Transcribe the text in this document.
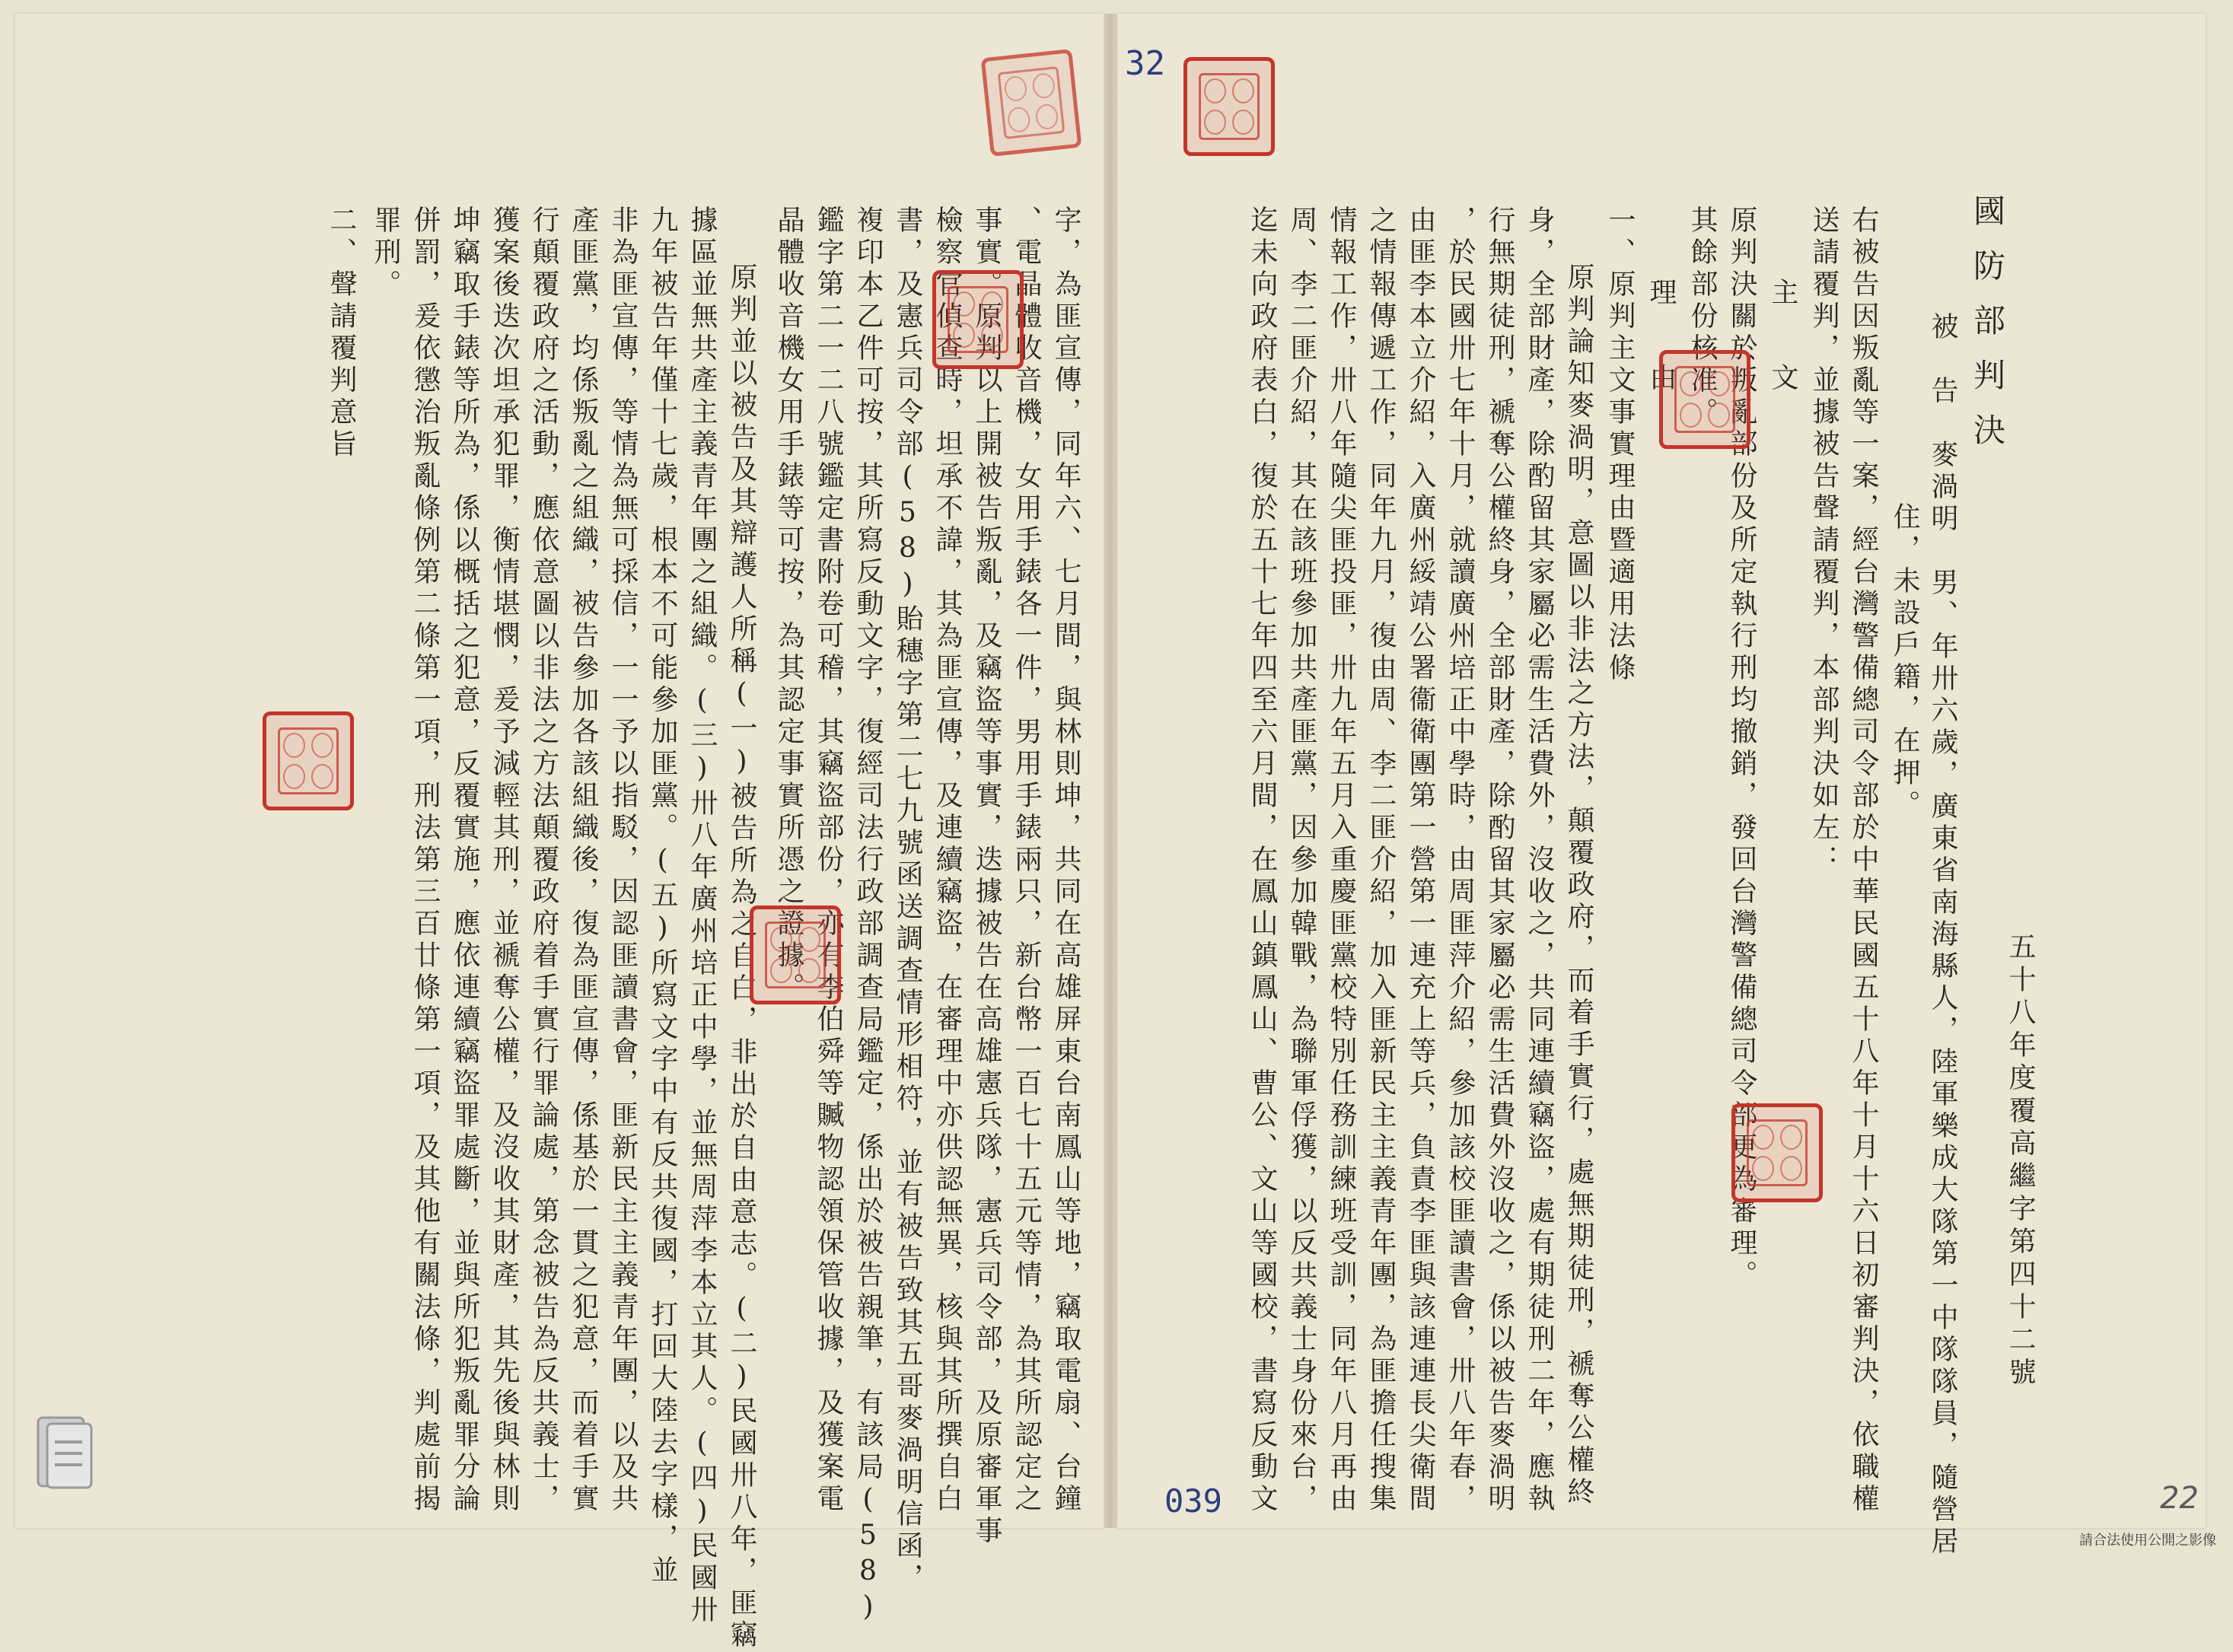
32
039	22
請合法使用公開之影像
五十八年度覆高繼字第四十二號
國防部判決
被　告　麥渦明　男、年卅六歲，廣東省南海縣人，陸軍樂成大隊第一中隊隊員，隨營居
住，未設戶籍，在押。
右被告因叛亂等一案，經台灣警備總司令部於中華民國五十八年十月十六日初審判決，依職權
送請覆判，並據被告聲請覆判，本部判決如左：
主　文
原判決關於叛亂部份及所定執行刑均撤銷，發回台灣警備總司令部更為審理。
其餘部份核准。
理　由
一、原判主文事實理由暨適用法條
原判論知麥渦明，意圖以非法之方法，顛覆政府，而着手實行，處無期徒刑，褫奪公權終
身，全部財產，除酌留其家屬必需生活費外，沒收之，共同連續竊盜，處有期徒刑二年，應執
行無期徒刑，褫奪公權終身，全部財產，除酌留其家屬必需生活費外沒收之，係以被告麥渦明
，於民國卅七年十月，就讀廣州培正中學時，由周匪萍介紹，參加該校匪讀書會，卅八年春，
由匪李本立介紹，入廣州綏靖公署衞衛團第一營第一連充上等兵，負責李匪與該連連長尖衛間
之情報傳遞工作，同年九月，復由周、李二匪介紹，加入匪新民主主義青年團，為匪擔任搜集
情報工作，卅八年隨尖匪投匪，卅九年五月入重慶匪黨校特別任務訓練班受訓，同年八月再由
周、李二匪介紹，其在該班參加共產匪黨，因參加韓戰，為聯軍俘獲，以反共義士身份來台，
迄未向政府表白，復於五十七年四至六月間，在鳳山鎮鳳山、曹公、文山等國校，書寫反動文
字，為匪宣傳，同年六、七月間，與林則坤，共同在高雄屏東台南鳳山等地，竊取電扇、台鐘
、電晶體收音機，女用手錶各一件，男用手錶兩只，新台幣一百七十五元等情，為其所認定之
事實。原判以上開被告叛亂，及竊盜等事實，迭據被告在高雄憲兵隊，憲兵司令部，及原審軍事
檢察官偵查時，坦承不諱，其為匪宣傳，及連續竊盜，在審理中亦供認無異，核與其所撰自白
書，及憲兵司令部(58)貽穗字第二七九號函送調查情形相符，並有被告致其五哥麥渦明信函，
複印本乙件可按，其所寫反動文字，復經司法行政部調查局鑑定，係出於被告親筆，有該局(58)
鑑字第二一二八號鑑定書附卷可稽，其竊盜部份，亦有李伯舜等贓物認領保管收據，及獲案電
晶體收音機女用手錶等可按，為其認定事實所憑之證據。
原判並以被告及其辯護人所稱(一)被告所為之自白，非出於自由意志。(二)民國卅八年，匪竊
據區並無共產主義青年團之組織。(三)卅八年廣州培正中學，並無周萍李本立其人。(四)民國卅
九年被告年僅十七歲，根本不可能參加匪黨。(五)所寫文字中有反共復國，打回大陸去字樣，並
非為匪宣傳，等情為無可採信，一一予以指駁，因認匪讀書會，匪新民主主義青年團，以及共
產匪黨，均係叛亂之組織，被告參加各該組織後，復為匪宣傳，係基於一貫之犯意，而着手實
行顛覆政府之活動，應依意圖以非法之方法顛覆政府着手實行罪論處，第念被告為反共義士，
獲案後迭次坦承犯罪，衡情堪憫，爰予減輕其刑，並褫奪公權，及沒收其財產，其先後與林則
坤竊取手錶等所為，係以概括之犯意，反覆實施，應依連續竊盜罪處斷，並與所犯叛亂罪分論
併罰，爰依懲治叛亂條例第二條第一項，刑法第三百廿條第一項，及其他有關法條，判處前揭
罪刑。
二、聲請覆判意旨
